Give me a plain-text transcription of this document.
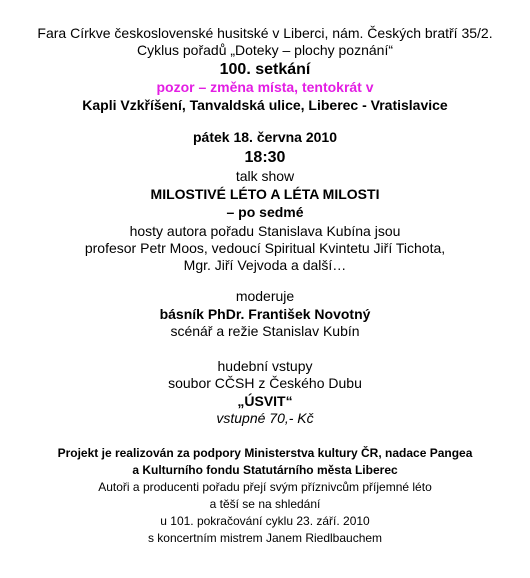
Fara Církve československé husitské v Liberci, nám. Českých bratří 35/2.
Cyklus pořadů „Doteky – plochy poznání“
100. setkání
pozor – změna místa, tentokrát v
Kapli Vzkříšení, Tanvaldská ulice, Liberec - Vratislavice
pátek 18. června 2010
18:30
talk show
MILOSTIVÉ LÉTO A LÉTA MILOSTI
– po sedmé
hosty autora pořadu Stanislava Kubína jsou
profesor Petr Moos, vedoucí Spiritual Kvintetu Jiří Tichota,
Mgr. Jiří Vejvoda a další…
moderuje
básník PhDr. František Novotný
scénář a režie Stanislav Kubín
hudební vstupy
soubor CČSH z Českého Dubu
„ÚSVIT“
vstupné 70,- Kč
Projekt je realizován za podpory Ministerstva kultury ČR, nadace Pangea
a Kulturního fondu Statutárního města Liberec
Autoři a producenti pořadu přejí svým příznivcům příjemné léto
a těší se na shledání
u 101. pokračování cyklu 23. září. 2010
s koncertním mistrem Janem Riedlbauchem
